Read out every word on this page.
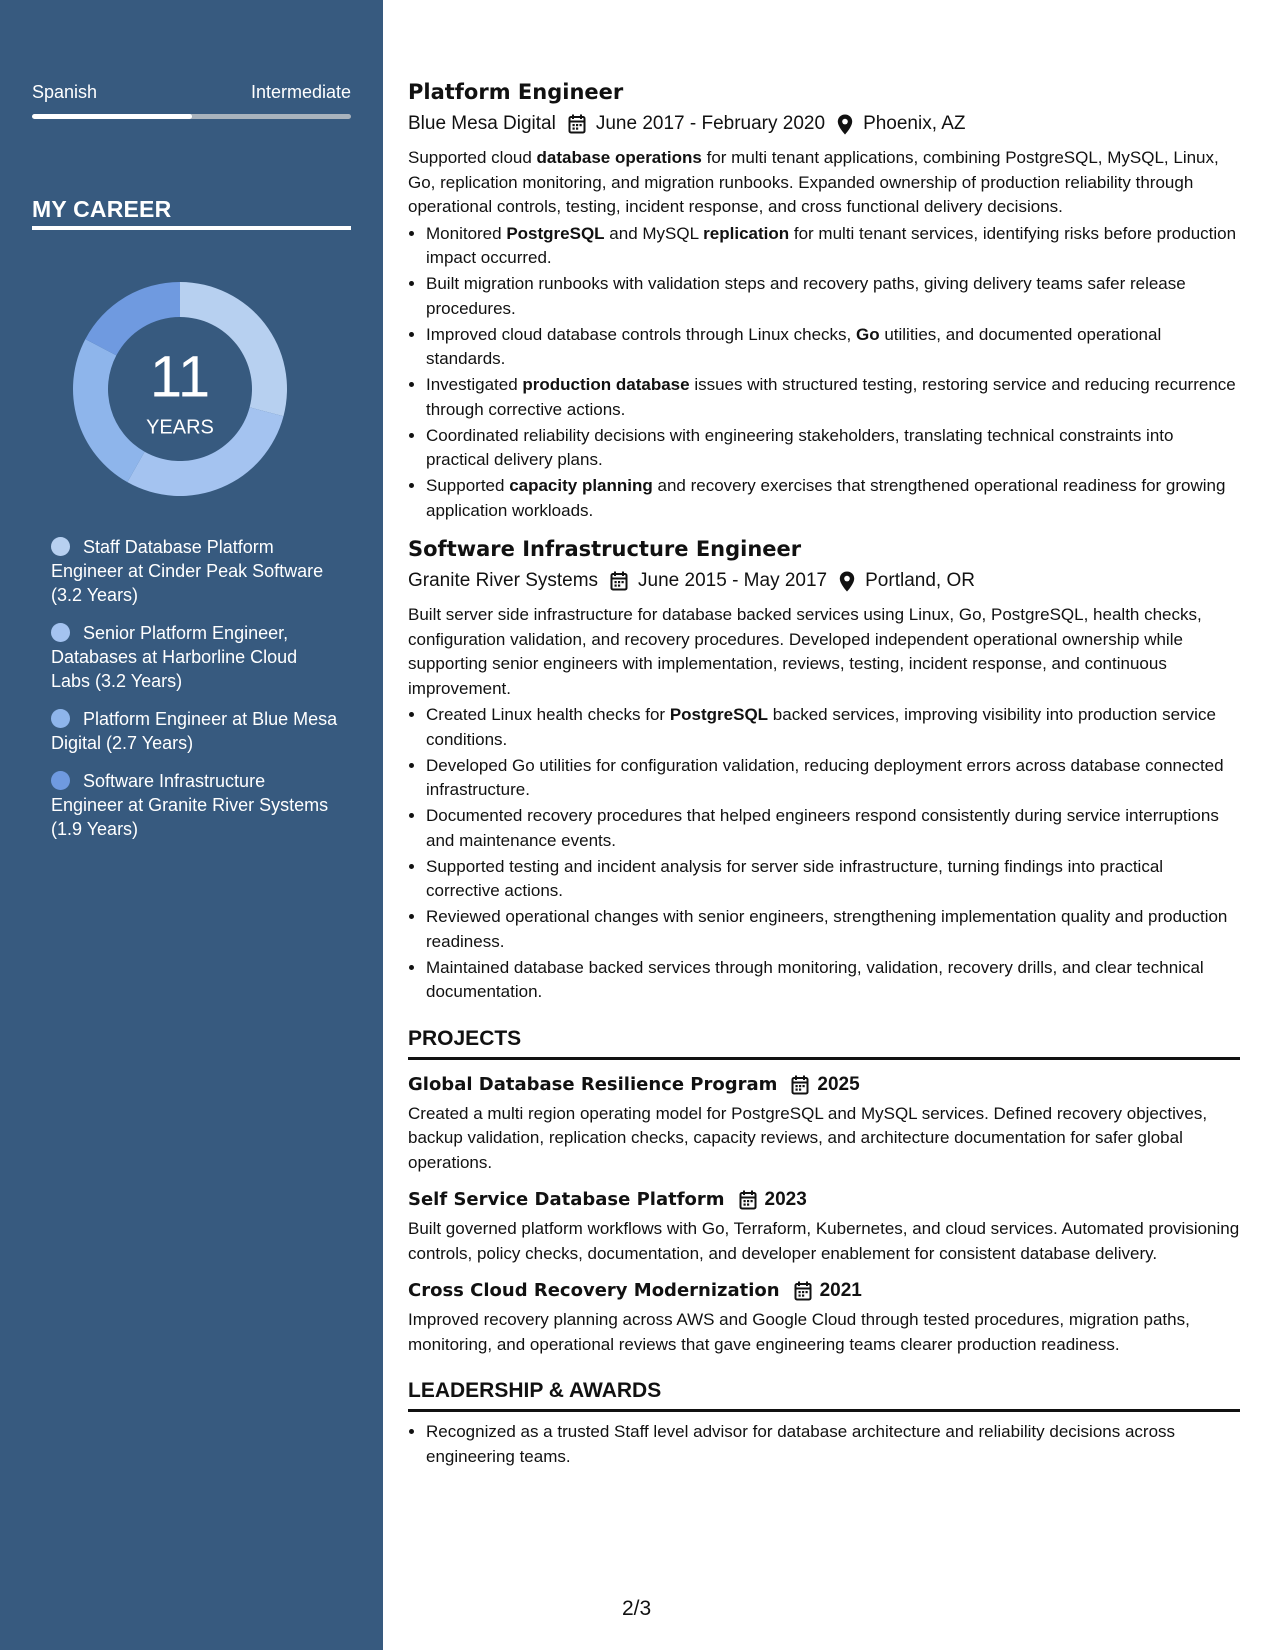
Spanish	Intermediate
MY CAREER
11
YEARS
Staff Database Platform Engineer at Cinder Peak Software (3.2 Years)
Senior Platform Engineer, Databases at Harborline Cloud Labs (3.2 Years)
Platform Engineer at Blue Mesa Digital (2.7 Years)
Software Infrastructure Engineer at Granite River Systems (1.9 Years)
Platform Engineer
Blue Mesa Digital June 2017 - February 2020 Phoenix, AZ
Supported cloud database operations for multi tenant applications, combining PostgreSQL, MySQL, Linux, Go, replication monitoring, and migration runbooks. Expanded ownership of production reliability through operational controls, testing, incident response, and cross functional delivery decisions.
• Monitored PostgreSQL and MySQL replication for multi tenant services, identifying risks before production impact occurred.
• Built migration runbooks with validation steps and recovery paths, giving delivery teams safer release procedures.
• Improved cloud database controls through Linux checks, Go utilities, and documented operational standards.
• Investigated production database issues with structured testing, restoring service and reducing recurrence through corrective actions.
• Coordinated reliability decisions with engineering stakeholders, translating technical constraints into practical delivery plans.
• Supported capacity planning and recovery exercises that strengthened operational readiness for growing application workloads.
Software Infrastructure Engineer
Granite River Systems June 2015 - May 2017 Portland, OR
Built server side infrastructure for database backed services using Linux, Go, PostgreSQL, health checks, configuration validation, and recovery procedures. Developed independent operational ownership while supporting senior engineers with implementation, reviews, testing, incident response, and continuous improvement.
• Created Linux health checks for PostgreSQL backed services, improving visibility into production service conditions.
• Developed Go utilities for configuration validation, reducing deployment errors across database connected infrastructure.
• Documented recovery procedures that helped engineers respond consistently during service interruptions and maintenance events.
• Supported testing and incident analysis for server side infrastructure, turning findings into practical corrective actions.
• Reviewed operational changes with senior engineers, strengthening implementation quality and production readiness.
• Maintained database backed services through monitoring, validation, recovery drills, and clear technical documentation.
PROJECTS
Global Database Resilience Program 2025
Created a multi region operating model for PostgreSQL and MySQL services. Defined recovery objectives, backup validation, replication checks, capacity reviews, and architecture documentation for safer global operations.
Self Service Database Platform 2023
Built governed platform workflows with Go, Terraform, Kubernetes, and cloud services. Automated provisioning controls, policy checks, documentation, and developer enablement for consistent database delivery.
Cross Cloud Recovery Modernization 2021
Improved recovery planning across AWS and Google Cloud through tested procedures, migration paths, monitoring, and operational reviews that gave engineering teams clearer production readiness.
LEADERSHIP & AWARDS
• Recognized as a trusted Staff level advisor for database architecture and reliability decisions across engineering teams.
2/3
